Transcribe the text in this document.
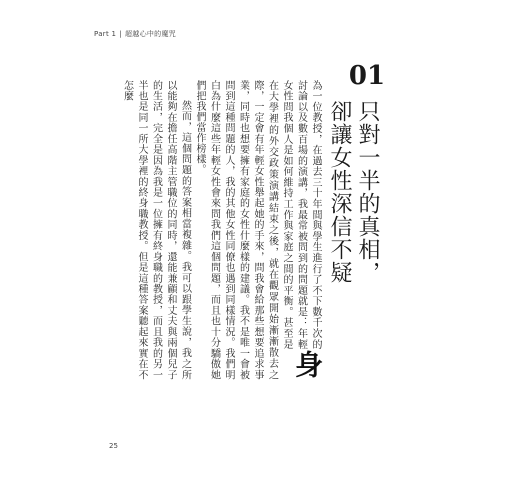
Part 1 | 超越心中的魔咒
01
只對一半的真相，
卻讓女性深信不疑

身
為一位教授，在過去三十年間與學生進行了不下數千次的討論以及數百場的演講，我最常被問到的問題就是：年輕女性問我個人是如何維持工作與家庭之間的平衡。甚至是在大學裡的外交政策演講結束之後，就在觀眾開始漸漸散去之際，一定會有年輕女性舉起她的手來，問我會給那些想要追求事業，同時也想要擁有家庭的女性什麼樣的建議。我不是唯一會被問到這種問題的人，我的其他女性同僚也遇到同樣情況。我們明白為什麼這些年輕女性會來問我們這個問題，而且也十分驕傲她們把我們當作榜樣。

然而，這個問題的答案相當複雜。我可以跟學生說，我之所以能夠在擔任高階主管職位的同時，還能兼顧和丈夫與兩個兒子的生活，完全是因為我是一位擁有終身職的教授，而且我的另一半也是同一所大學裡的終身職教授。但是這種答案聽起來實在不怎麼

25
